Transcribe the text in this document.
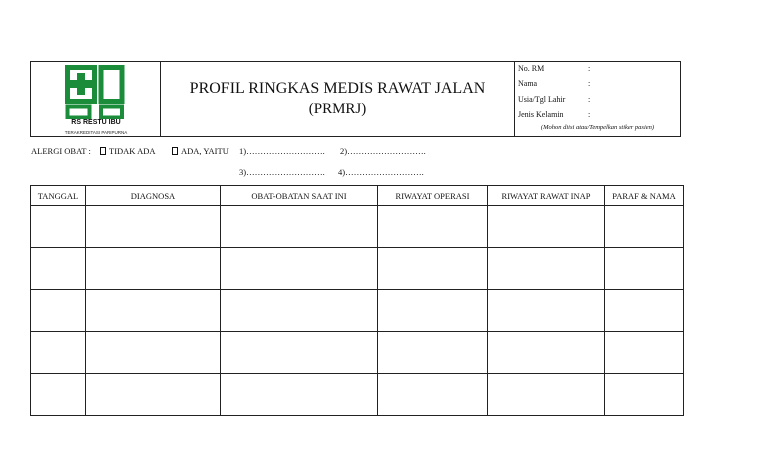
RS RESTU IBU
TERAKREDITASI PARIPURNA
PROFIL RINGKAS MEDIS RAWAT JALAN
(PRMRJ)
No. RM	:
Nama	:
Usia/Tgl Lahir	:
Jenis Kelamin	:
(Mohon diisi atau/Tempelkan stiker pasien)
ALERGI OBAT :	TIDAK ADA	ADA, YAITU 1)………………………. 2)……………………….
3)………………………. 4)……………………….
TANGGAL	DIAGNOSA	OBAT-OBATAN SAAT INI	RIWAYAT OPERASI	RIWAYAT RAWAT INAP	PARAF & NAMA
